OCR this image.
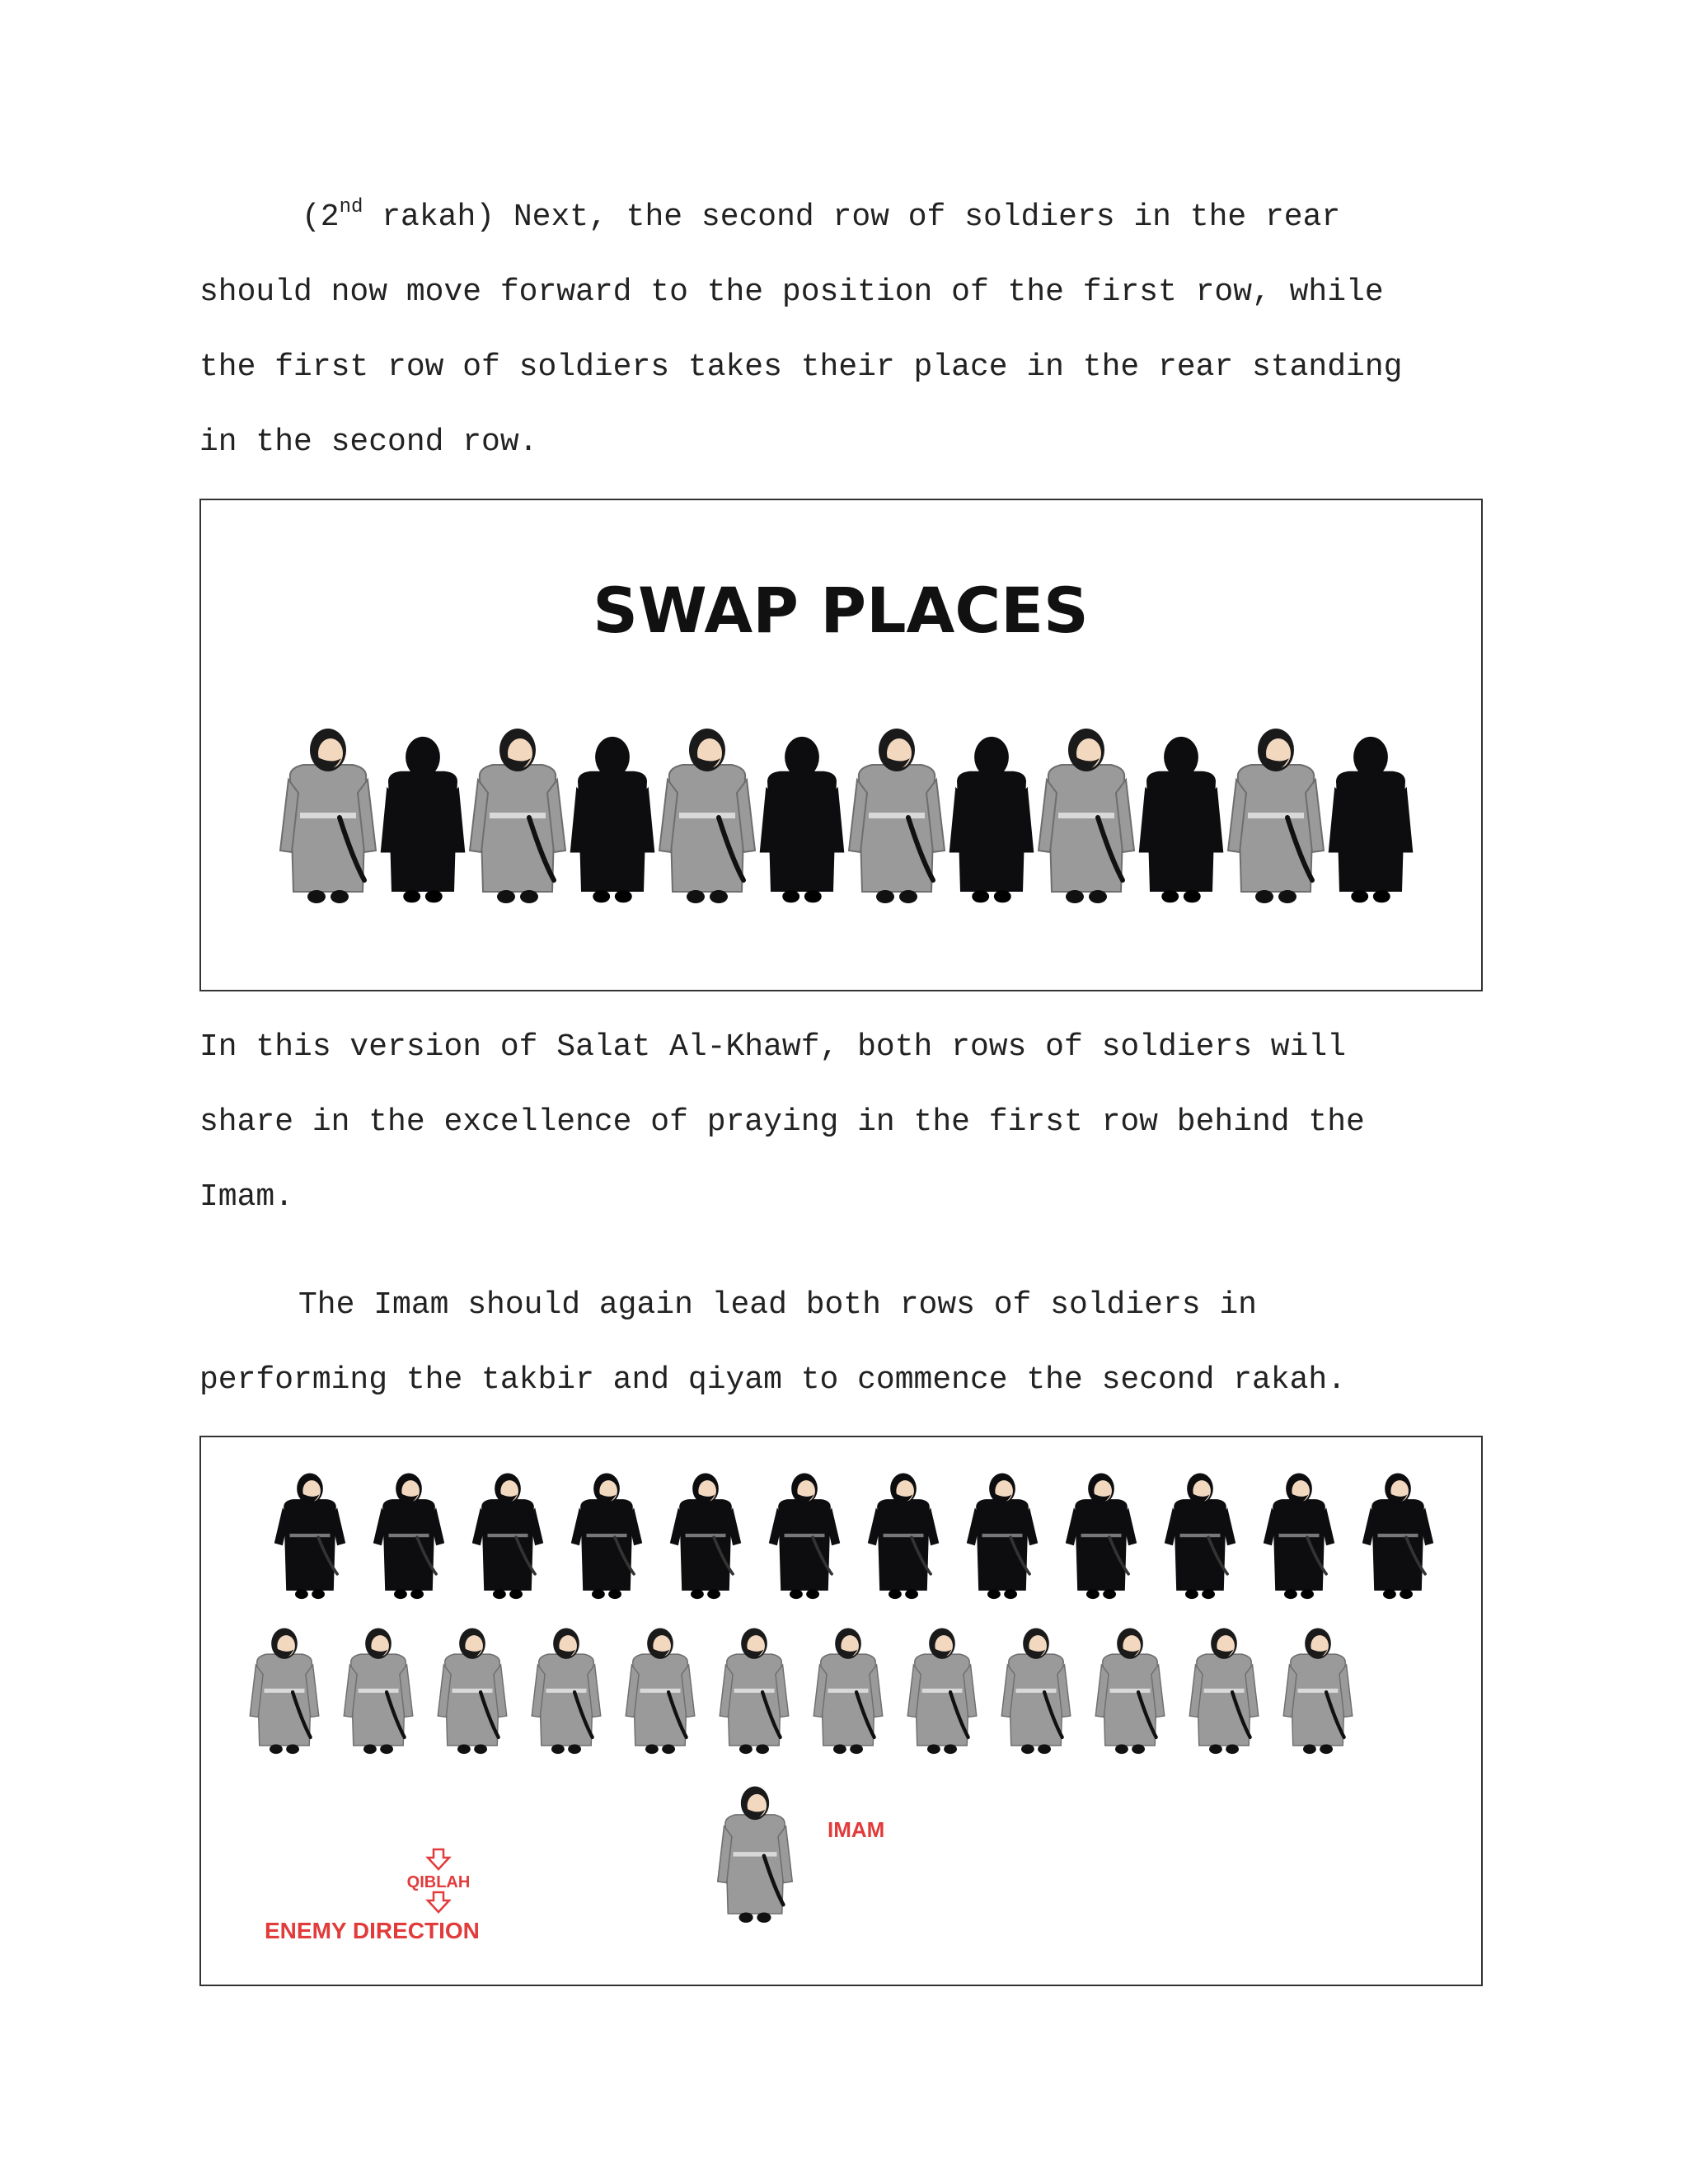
(2nd rakah) Next, the second row of soldiers in the rear
should now move forward to the position of the first row, while
the first row of soldiers takes their place in the rear standing
in the second row.
SWAP PLACES
In this version of Salat Al-Khawf, both rows of soldiers will
share in the excellence of praying in the first row behind the
Imam.
The Imam should again lead both rows of soldiers in
performing the takbir and qiyam to commence the second rakah.
IMAM
QIBLAH
ENEMY DIRECTION
